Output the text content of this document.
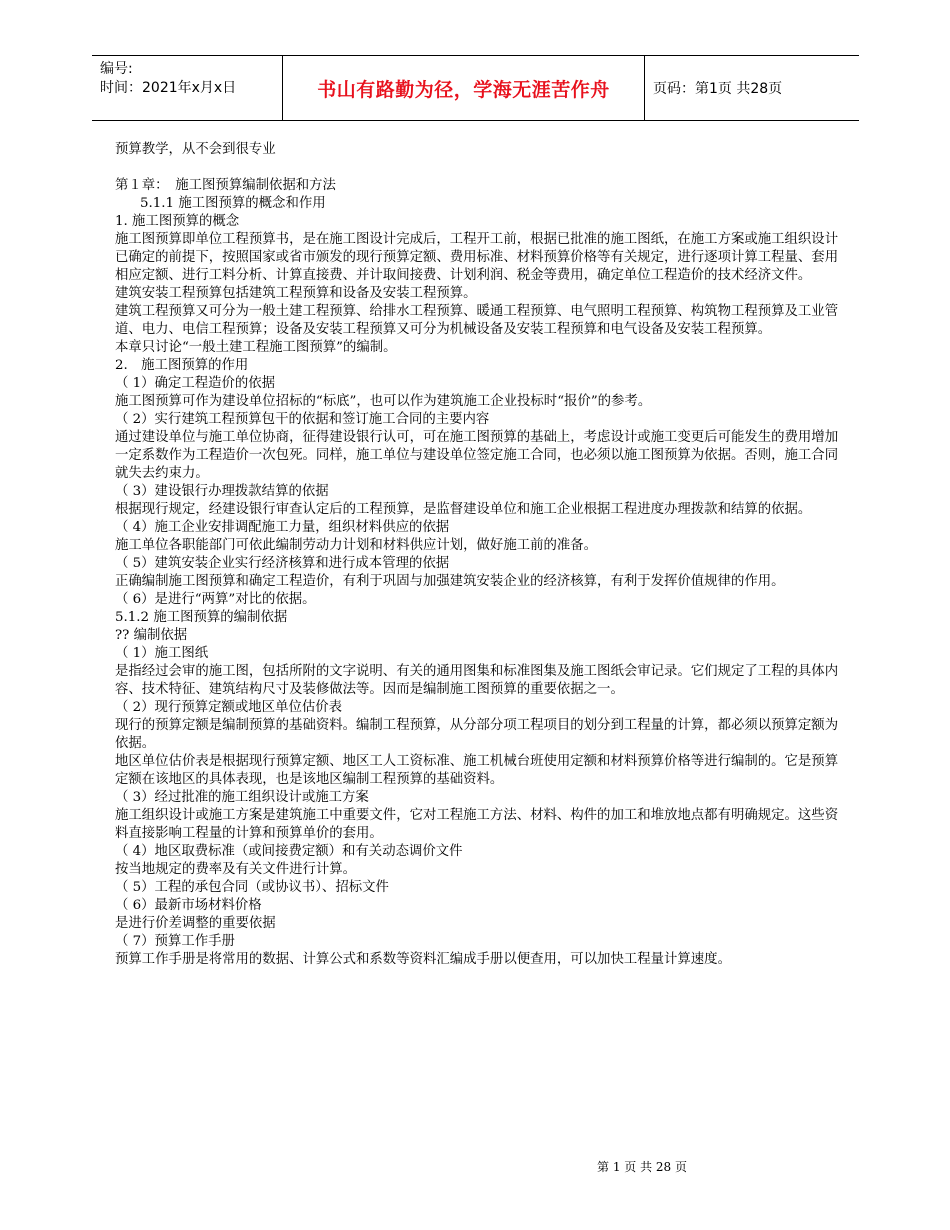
编号:
时间：2021年x月x日	书山有路勤为径，学海无涯苦作舟	页码：第1页 共28页

预算教学，从不会到很专业

第１章：　施工图预算编制依据和方法

5.1.1 施工图预算的概念和作用

1. 施工图预算的概念

施工图预算即单位工程预算书，是在施工图设计完成后，工程开工前，根据已批准的施工图纸，在施工方案或施工组织设计已确定的前提下，按照国家或省市颁发的现行预算定额、费用标准、材料预算价格等有关规定，进行逐项计算工程量、套用相应定额、进行工料分析、计算直接费、并计取间接费、计划利润、税金等费用，确定单位工程造价的技术经济文件。

建筑安装工程预算包括建筑工程预算和设备及安装工程预算。

建筑工程预算又可分为一般土建工程预算、给排水工程预算、暖通工程预算、电气照明工程预算、构筑物工程预算及工业管道、电力、电信工程预算；设备及安装工程预算又可分为机械设备及安装工程预算和电气设备及安装工程预算。

本章只讨论“一般土建工程施工图预算”的编制。

2.　施工图预算的作用

（ 1）确定工程造价的依据

施工图预算可作为建设单位招标的“标底”，也可以作为建筑施工企业投标时“报价”的参考。

（ 2）实行建筑工程预算包干的依据和签订施工合同的主要内容

通过建设单位与施工单位协商，征得建设银行认可，可在施工图预算的基础上，考虑设计或施工变更后可能发生的费用增加一定系数作为工程造价一次包死。同样，施工单位与建设单位签定施工合同，也必须以施工图预算为依据。否则，施工合同就失去约束力。

（ 3）建设银行办理拨款结算的依据

根据现行规定，经建设银行审查认定后的工程预算，是监督建设单位和施工企业根据工程进度办理拨款和结算的依据。

（ 4）施工企业安排调配施工力量，组织材料供应的依据

施工单位各职能部门可依此编制劳动力计划和材料供应计划，做好施工前的准备。

（ 5）建筑安装企业实行经济核算和进行成本管理的依据

正确编制施工图预算和确定工程造价，有利于巩固与加强建筑安装企业的经济核算，有利于发挥价值规律的作用。

（ 6）是进行“两算”对比的依据。

5.1.2 施工图预算的编制依据

?? 编制依据

（ 1）施工图纸

是指经过会审的施工图，包括所附的文字说明、有关的通用图集和标准图集及施工图纸会审记录。它们规定了工程的具体内容、技术特征、建筑结构尺寸及装修做法等。因而是编制施工图预算的重要依据之一。

（ 2）现行预算定额或地区单位估价表

现行的预算定额是编制预算的基础资料。编制工程预算，从分部分项工程项目的划分到工程量的计算，都必须以预算定额为依据。

地区单位估价表是根据现行预算定额、地区工人工资标准、施工机械台班使用定额和材料预算价格等进行编制的。它是预算定额在该地区的具体表现，也是该地区编制工程预算的基础资料。

（ 3）经过批准的施工组织设计或施工方案

施工组织设计或施工方案是建筑施工中重要文件，它对工程施工方法、材料、构件的加工和堆放地点都有明确规定。这些资料直接影响工程量的计算和预算单价的套用。

（ 4）地区取费标准（或间接费定额）和有关动态调价文件

按当地规定的费率及有关文件进行计算。

（ 5）工程的承包合同（或协议书）、招标文件

（ 6）最新市场材料价格

是进行价差调整的重要依据

（ 7）预算工作手册

预算工作手册是将常用的数据、计算公式和系数等资料汇编成手册以便查用，可以加快工程量计算速度。

第 1 页 共 28 页
